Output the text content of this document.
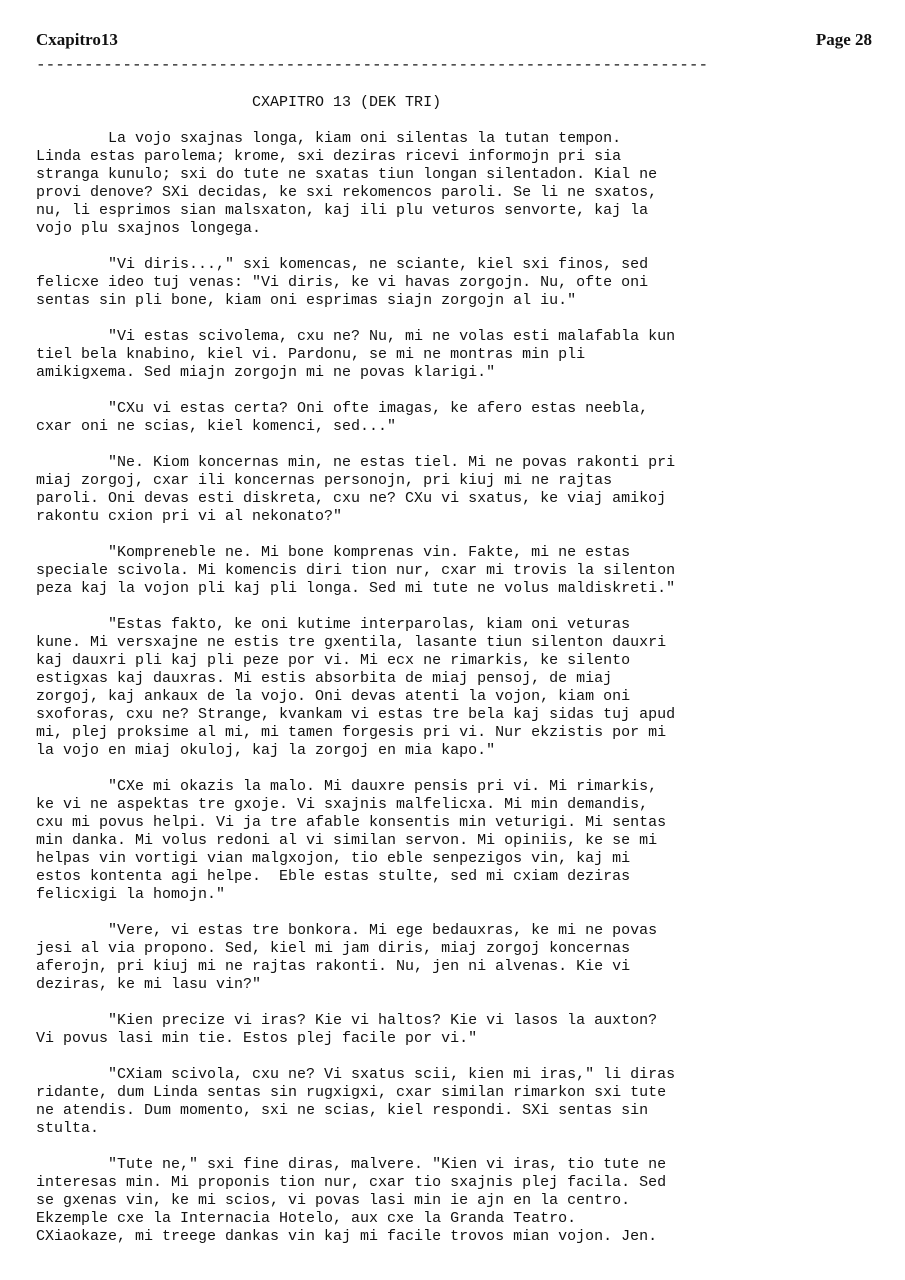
Cxapitro13	Page 28
----------------------------------------------------------------------
CXAPITRO 13 (DEK TRI)
La vojo sxajnas longa, kiam oni silentas la tutan tempon.
Linda estas parolema; krome, sxi deziras ricevi informojn pri sia
stranga kunulo; sxi do tute ne sxatas tiun longan silentadon. Kial ne
provi denove? SXi decidas, ke sxi rekomencos paroli. Se li ne sxatos,
nu, li esprimos sian malsxaton, kaj ili plu veturos senvorte, kaj la
vojo plu sxajnos longega.
"Vi diris...," sxi komencas, ne sciante, kiel sxi finos, sed
felicxe ideo tuj venas: "Vi diris, ke vi havas zorgojn. Nu, ofte oni
sentas sin pli bone, kiam oni esprimas siajn zorgojn al iu."
"Vi estas scivolema, cxu ne? Nu, mi ne volas esti malafabla kun
tiel bela knabino, kiel vi. Pardonu, se mi ne montras min pli
amikigxema. Sed miajn zorgojn mi ne povas klarigi."
"CXu vi estas certa? Oni ofte imagas, ke afero estas neebla,
cxar oni ne scias, kiel komenci, sed..."
"Ne. Kiom koncernas min, ne estas tiel. Mi ne povas rakonti pri
miaj zorgoj, cxar ili koncernas personojn, pri kiuj mi ne rajtas
paroli. Oni devas esti diskreta, cxu ne? CXu vi sxatus, ke viaj amikoj
rakontu cxion pri vi al nekonato?"
"Kompreneble ne. Mi bone komprenas vin. Fakte, mi ne estas
speciale scivola. Mi komencis diri tion nur, cxar mi trovis la silenton
peza kaj la vojon pli kaj pli longa. Sed mi tute ne volus maldiskreti."
"Estas fakto, ke oni kutime interparolas, kiam oni veturas
kune. Mi versxajne ne estis tre gxentila, lasante tiun silenton dauxri
kaj dauxri pli kaj pli peze por vi. Mi ecx ne rimarkis, ke silento
estigxas kaj dauxras. Mi estis absorbita de miaj pensoj, de miaj
zorgoj, kaj ankaux de la vojo. Oni devas atenti la vojon, kiam oni
sxoforas, cxu ne? Strange, kvankam vi estas tre bela kaj sidas tuj apud
mi, plej proksime al mi, mi tamen forgesis pri vi. Nur ekzistis por mi
la vojo en miaj okuloj, kaj la zorgoj en mia kapo."
"CXe mi okazis la malo. Mi dauxre pensis pri vi. Mi rimarkis,
ke vi ne aspektas tre gxoje. Vi sxajnis malfelicxa. Mi min demandis,
cxu mi povus helpi. Vi ja tre afable konsentis min veturigi. Mi sentas
min danka. Mi volus redoni al vi similan servon. Mi opiniis, ke se mi
helpas vin vortigi vian malgxojon, tio eble senpezigos vin, kaj mi
estos kontenta agi helpe.  Eble estas stulte, sed mi cxiam deziras
felicxigi la homojn."
"Vere, vi estas tre bonkora. Mi ege bedauxras, ke mi ne povas
jesi al via propono. Sed, kiel mi jam diris, miaj zorgoj koncernas
aferojn, pri kiuj mi ne rajtas rakonti. Nu, jen ni alvenas. Kie vi
deziras, ke mi lasu vin?"
"Kien precize vi iras? Kie vi haltos? Kie vi lasos la auxton?
Vi povus lasi min tie. Estos plej facile por vi."
"CXiam scivola, cxu ne? Vi sxatus scii, kien mi iras," li diras
ridante, dum Linda sentas sin rugxigxi, cxar similan rimarkon sxi tute
ne atendis. Dum momento, sxi ne scias, kiel respondi. SXi sentas sin
stulta.
"Tute ne," sxi fine diras, malvere. "Kien vi iras, tio tute ne
interesas min. Mi proponis tion nur, cxar tio sxajnis plej facila. Sed
se gxenas vin, ke mi scios, vi povas lasi min ie ajn en la centro.
Ekzemple cxe la Internacia Hotelo, aux cxe la Granda Teatro.
CXiaokaze, mi treege dankas vin kaj mi facile trovos mian vojon. Jen.
